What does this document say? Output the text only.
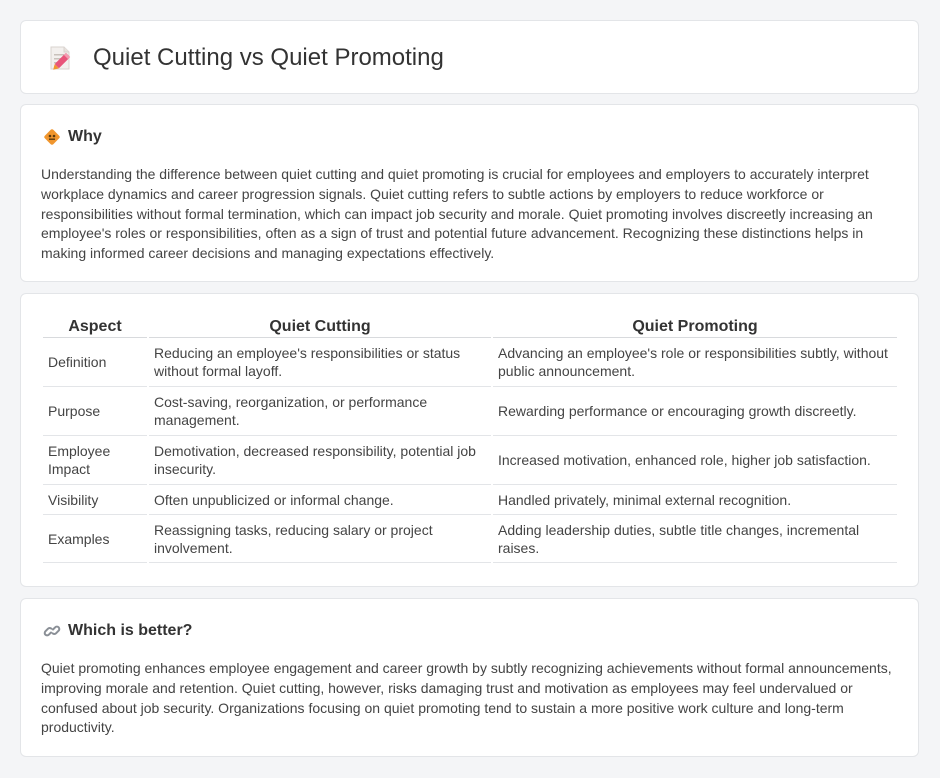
Quiet Cutting vs Quiet Promoting
Why

Understanding the difference between quiet cutting and quiet promoting is crucial for employees and employers to accurately interpret workplace dynamics and career progression signals. Quiet cutting refers to subtle actions by employers to reduce workforce or responsibilities without formal termination, which can impact job security and morale. Quiet promoting involves discreetly increasing an employee's roles or responsibilities, often as a sign of trust and potential future advancement. Recognizing these distinctions helps in making informed career decisions and managing expectations effectively.

Aspect	Quiet Cutting	Quiet Promoting
Definition	Reducing an employee's responsibilities or status without formal layoff.	Advancing an employee's role or responsibilities subtly, without public announcement.
Purpose	Cost-saving, reorganization, or performance management.	Rewarding performance or encouraging growth discreetly.
Employee Impact	Demotivation, decreased responsibility, potential job insecurity.	Increased motivation, enhanced role, higher job satisfaction.
Visibility	Often unpublicized or informal change.	Handled privately, minimal external recognition.
Examples	Reassigning tasks, reducing salary or project involvement.	Adding leadership duties, subtle title changes, incremental raises.
Which is better?

Quiet promoting enhances employee engagement and career growth by subtly recognizing achievements without formal announcements, improving morale and retention. Quiet cutting, however, risks damaging trust and motivation as employees may feel undervalued or confused about job security. Organizations focusing on quiet promoting tend to sustain a more positive work culture and long-term productivity.
